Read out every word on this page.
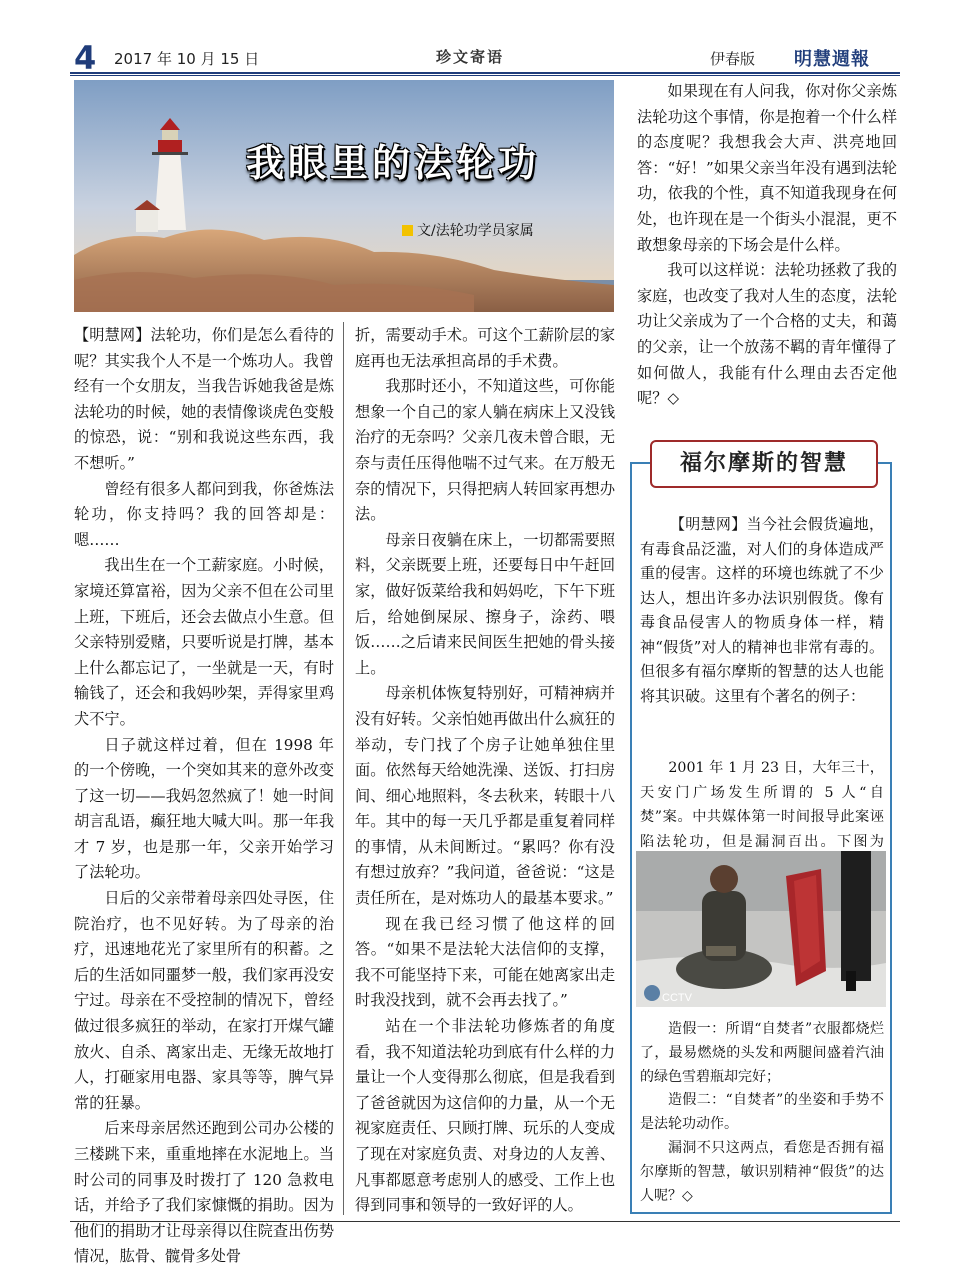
4 2017 年 10 月 15 日	珍文寄语	伊春版 明慧週報
我眼里的法轮功
文/法轮功学员家属

【明慧网】法轮功，你们是怎么看待的呢？其实我个人不是一个炼功人。我曾经有一个女朋友，当我告诉她我爸是炼法轮功的时候，她的表情像谈虎色变般的惊恐，说：“别和我说这些东西，我不想听。”

曾经有很多人都问到我，你爸炼法轮功，你支持吗？我的回答却是：嗯……

我出生在一个工薪家庭。小时候，家境还算富裕，因为父亲不但在公司里上班，下班后，还会去做点小生意。但父亲特别爱赌，只要听说是打牌，基本上什么都忘记了，一坐就是一天，有时输钱了，还会和我妈吵架，弄得家里鸡犬不宁。

日子就这样过着，但在 1998 年的一个傍晚，一个突如其来的意外改变了这一切——我妈忽然疯了！她一时间胡言乱语，癫狂地大喊大叫。那一年我才 7 岁，也是那一年，父亲开始学习了法轮功。

日后的父亲带着母亲四处寻医，住院治疗，也不见好转。为了母亲的治疗，迅速地花光了家里所有的积蓄。之后的生活如同噩梦一般，我们家再没安宁过。母亲在不受控制的情况下，曾经做过很多疯狂的举动，在家打开煤气罐放火、自杀、离家出走、无缘无故地打人，打砸家用电器、家具等等，脾气异常的狂暴。

后来母亲居然还跑到公司办公楼的三楼跳下来，重重地摔在水泥地上。当时公司的同事及时拨打了 120 急救电话，并给予了我们家慷慨的捐助。因为他们的捐助才让母亲得以住院查出伤势情况，肱骨、髋骨多处骨

折，需要动手术。可这个工薪阶层的家庭再也无法承担高昂的手术费。

我那时还小，不知道这些，可你能想象一个自己的家人躺在病床上又没钱治疗的无奈吗？父亲几夜未曾合眼，无奈与责任压得他喘不过气来。在万般无奈的情况下，只得把病人转回家再想办法。

母亲日夜躺在床上，一切都需要照料，父亲既要上班，还要每日中午赶回家，做好饭菜给我和妈妈吃，下午下班后，给她倒屎尿、擦身子，涂药、喂饭……之后请来民间医生把她的骨头接上。

母亲机体恢复特别好，可精神病并没有好转。父亲怕她再做出什么疯狂的举动，专门找了个房子让她单独住里面。依然每天给她洗澡、送饭、打扫房间、细心地照料，冬去秋来，转眼十八年。其中的每一天几乎都是重复着同样的事情，从未间断过。“累吗？你有没有想过放弃？”我问道，爸爸说：“这是责任所在，是对炼功人的最基本要求。”

现在我已经习惯了他这样的回答。“如果不是法轮大法信仰的支撑，我不可能坚持下来，可能在她离家出走时我没找到，就不会再去找了。”

站在一个非法轮功修炼者的角度看，我不知道法轮功到底有什么样的力量让一个人变得那么彻底，但是我看到了爸爸就因为这信仰的力量，从一个无视家庭责任、只顾打牌、玩乐的人变成了现在对家庭负责、对身边的人友善、凡事都愿意考虑别人的感受、工作上也得到同事和领导的一致好评的人。

如果现在有人问我，你对你父亲炼法轮功这个事情，你是抱着一个什么样的态度呢？我想我会大声、洪亮地回答：“好！”如果父亲当年没有遇到法轮功，依我的个性，真不知道我现身在何处，也许现在是一个街头小混混，更不敢想象母亲的下场会是什么样。

我可以这样说：法轮功拯救了我的家庭，也改变了我对人生的态度，法轮功让父亲成为了一个合格的丈夫，和蔼的父亲，让一个放荡不羁的青年懂得了如何做人，我能有什么理由去否定他呢？◇

福尔摩斯的智慧

【明慧网】当今社会假货遍地，有毒食品泛滥，对人们的身体造成严重的侵害。这样的环境也练就了不少达人，想出许多办法识别假货。像有毒食品侵害人的物质身体一样，精神“假货”对人的精神也非常有毒的。但很多有福尔摩斯的智慧的达人也能将其识破。这里有个著名的例子：

2001 年 1 月 23 日，大年三十，天安门广场发生所谓的 5 人“自焚”案。中共媒体第一时间报导此案诬陷法轮功，但是漏洞百出。下图为

CCTV

造假一：所谓“自焚者”衣服都烧烂了，最易燃烧的头发和两腿间盛着汽油的绿色雪碧瓶却完好；

造假二：“自焚者”的坐姿和手势不是法轮功动作。

漏洞不只这两点，看您是否拥有福尔摩斯的智慧，敏识别精神“假货”的达人呢？◇
